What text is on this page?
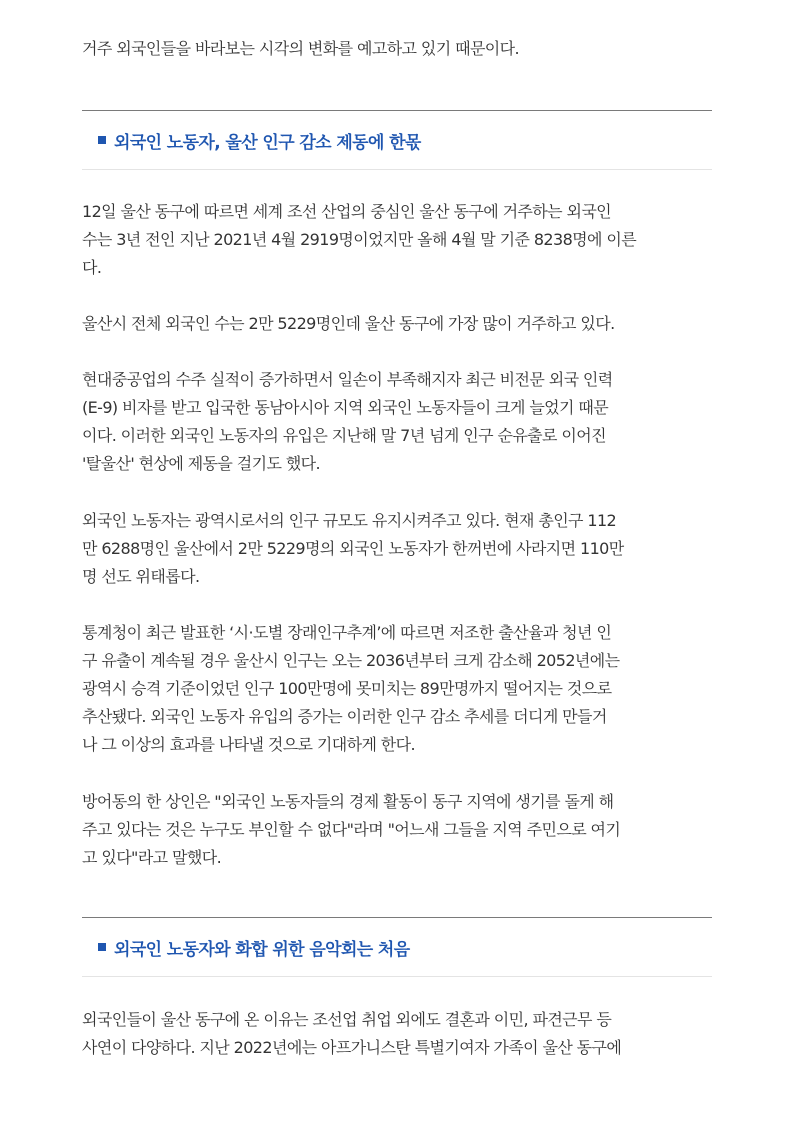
거주 외국인들을 바라보는 시각의 변화를 예고하고 있기 때문이다.

외국인 노동자, 울산 인구 감소 제동에 한몫

12일 울산 동구에 따르면 세계 조선 산업의 중심인 울산 동구에 거주하는 외국인
수는 3년 전인 지난 2021년 4월 2919명이었지만 올해 4월 말 기준 8238명에 이른
다.

울산시 전체 외국인 수는 2만 5229명인데 울산 동구에 가장 많이 거주하고 있다.

현대중공업의 수주 실적이 증가하면서 일손이 부족해지자 최근 비전문 외국 인력
(E-9) 비자를 받고 입국한 동남아시아 지역 외국인 노동자들이 크게 늘었기 때문
이다. 이러한 외국인 노동자의 유입은 지난해 말 7년 넘게 인구 순유출로 이어진
'탈울산' 현상에 제동을 걸기도 했다.

외국인 노동자는 광역시로서의 인구 규모도 유지시켜주고 있다. 현재 총인구 112
만 6288명인 울산에서 2만 5229명의 외국인 노동자가 한꺼번에 사라지면 110만
명 선도 위태롭다.

통계청이 최근 발표한 ‘시·도별 장래인구추계’에 따르면 저조한 출산율과 청년 인
구 유출이 계속될 경우 울산시 인구는 오는 2036년부터 크게 감소해 2052년에는
광역시 승격 기준이었던 인구 100만명에 못미치는 89만명까지 떨어지는 것으로
추산됐다. 외국인 노동자 유입의 증가는 이러한 인구 감소 추세를 더디게 만들거
나 그 이상의 효과를 나타낼 것으로 기대하게 한다.

방어동의 한 상인은 "외국인 노동자들의 경제 활동이 동구 지역에 생기를 돌게 해
주고 있다는 것은 누구도 부인할 수 없다"라며 "어느새 그들을 지역 주민으로 여기
고 있다"라고 말했다.

외국인 노동자와 화합 위한 음악회는 처음

외국인들이 울산 동구에 온 이유는 조선업 취업 외에도 결혼과 이민, 파견근무 등
사연이 다양하다. 지난 2022년에는 아프가니스탄 특별기여자 가족이 울산 동구에
